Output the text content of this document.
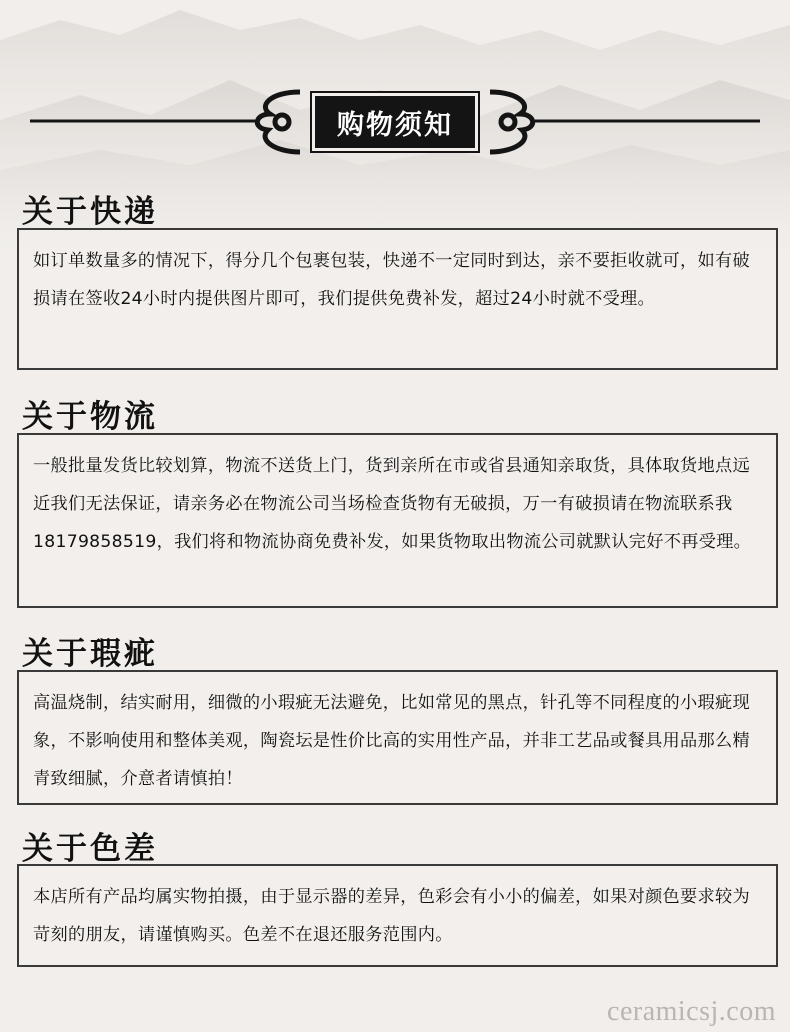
购物须知
关于快递
如订单数量多的情况下，得分几个包裹包装，快递不一定同时到达，亲不要拒收就可，如有破损请在签收24小时内提供图片即可，我们提供免费补发，超过24小时就不受理。
关于物流
一般批量发货比较划算，物流不送货上门，货到亲所在市或省县通知亲取货，具体取货地点远近我们无法保证，请亲务必在物流公司当场检查货物有无破损，万一有破损请在物流联系我18179858519，我们将和物流协商免费补发，如果货物取出物流公司就默认完好不再受理。
关于瑕疵
高温烧制，结实耐用，细微的小瑕疵无法避免，比如常见的黑点，针孔等不同程度的小瑕疵现象，不影响使用和整体美观，陶瓷坛是性价比高的实用性产品，并非工艺品或餐具用品那么精青致细腻，介意者请慎拍！
关于色差
本店所有产品均属实物拍摄，由于显示器的差异，色彩会有小小的偏差，如果对颜色要求较为苛刻的朋友，请谨慎购买。色差不在退还服务范围内。
ceramicsj.com
